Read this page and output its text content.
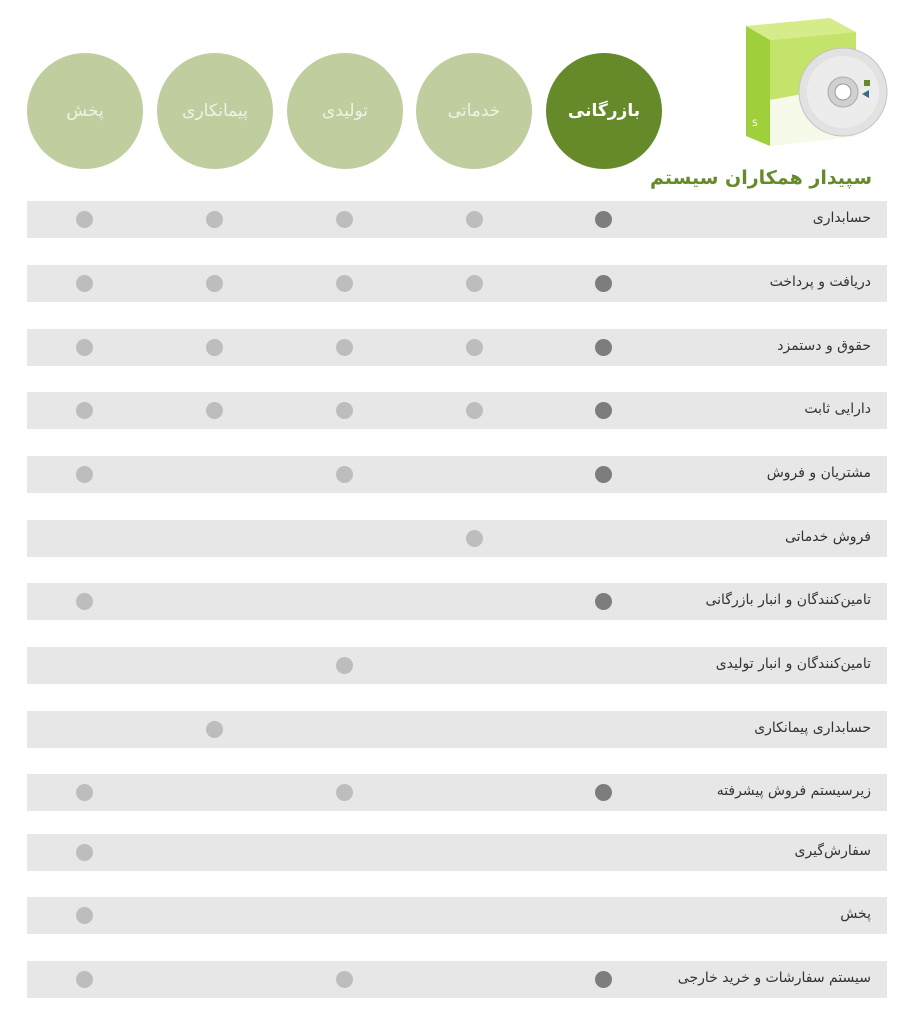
S
بازرگانی
خدماتی
تولیدی
پیمانکاری
پخش
سپیدار همکاران سیستم
حسابداری
دریافت و پرداخت
حقوق و دستمزد
دارایی ثابت
مشتریان و فروش
فروش خدماتی
تامین‌کنندگان و انبار بازرگانی
تامین‌کنندگان و انبار تولیدی
حسابداری پیمانکاری
زیرسیستم فروش پیشرفته
سفارش‌گیری
پخش
سیستم سفارشات و خرید خارجی
